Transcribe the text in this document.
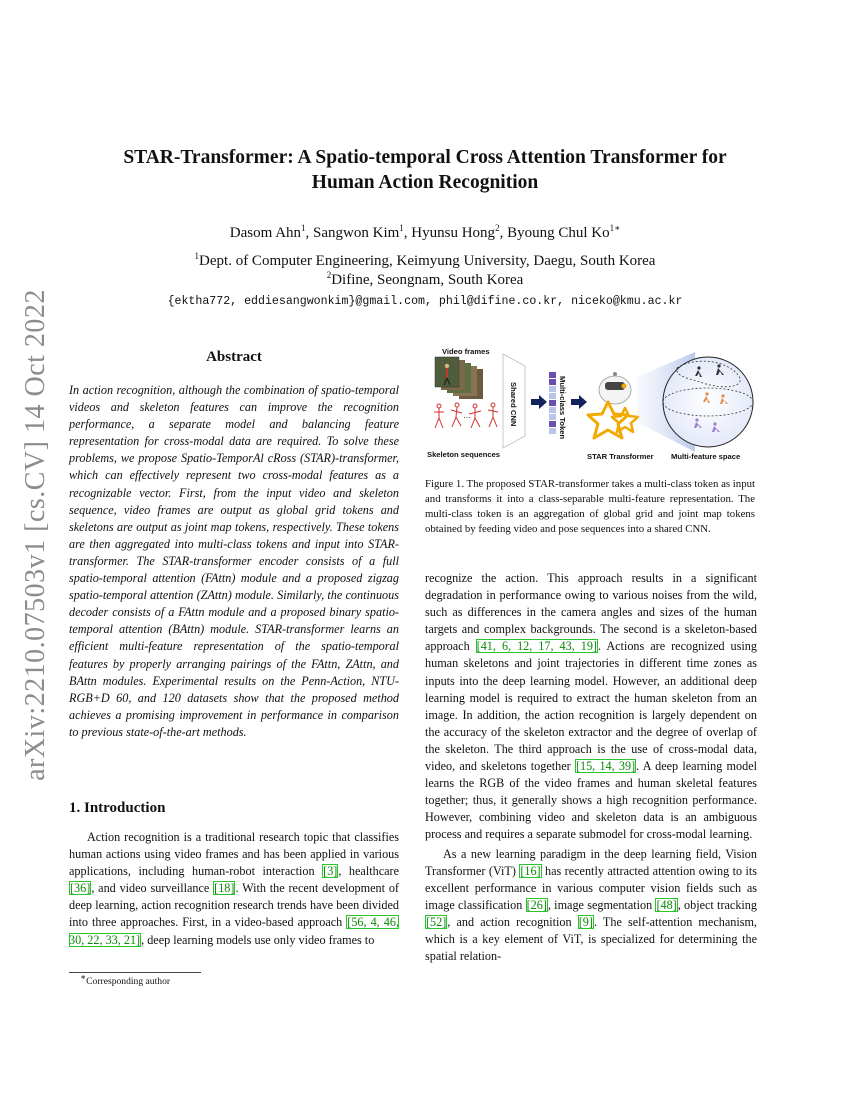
arXiv:2210.07503v1 [cs.CV] 14 Oct 2022
STAR-Transformer: A Spatio-temporal Cross Attention Transformer for
Human Action Recognition
Dasom Ahn$^1$, Sangwon Kim$^1$, Hyunsu Hong$^2$, Byoung Chul $Ko^{1∗}$
$^1$Dept. of Computer Engineering, Keimyung University, Daegu, South Korea
$^2$Difine, Seongnam, South Korea
{ektha772, eddiesangwonkim}@gmail.com, phil@difine.co.kr, niceko@kmu.ac.kr
Abstract
In action recognition, although the combination of spatio-temporal videos and skeleton features can improve the recognition performance, a separate model and balancing feature representation for cross-modal data are required. To solve these problems, we propose Spatio-TemporAl cRoss (STAR)-transformer, which can effectively represent two cross-modal features as a recognizable vector. First, from the input video and skeleton sequence, video frames are output as global grid tokens and skeletons are output as joint map tokens, respectively. These tokens are then aggregated into multi-class tokens and input into STAR-transformer. The STAR-transformer encoder consists of a full spatio-temporal attention (FAttn) module and a proposed zigzag spatio-temporal attention (ZAttn) module. Similarly, the continuous decoder consists of a FAttn module and a proposed binary spatio-temporal attention (BAttn) module. STAR-transformer learns an efficient multi-feature representation of the spatio-temporal features by properly arranging pairings of the FAttn, ZAttn, and BAttn modules. Experimental results on the Penn-Action, NTU-RGB+D 60, and 120 datasets show that the proposed method achieves a promising improvement in performance in comparison to previous state-of-the-art methods.
1. Introduction

Action recognition is a traditional research topic that classifies human actions using video frames and has been applied in various applications, including human-robot interaction [3], healthcare [36], and video surveillance [18]. With the recent development of deep learning, action recognition research trends have been divided into three approaches. First, in a video-based approach [56, 4, 46, 30, 22, 33, 21], deep learning models use only video frames to

∗Corresponding author
Video frames
…
Skeleton sequences
Shared CNN	Multi-class Token
STAR Transformer Multi-feature space
Figure 1. The proposed STAR-transformer takes a multi-class token as input and transforms it into a class-separable multi-feature representation. The multi-class token is an aggregation of global grid and joint map tokens obtained by feeding video and pose sequences into a shared CNN.

recognize the action. This approach results in a significant degradation in performance owing to various noises from the wild, such as differences in the camera angles and sizes of the human targets and complex backgrounds. The second is a skeleton-based approach [41, 6, 12, 17, 43, 19]. Actions are recognized using human skeletons and joint trajectories in different time zones as inputs into the deep learning model. However, an additional deep learning model is required to extract the human skeleton from an image. In addition, the action recognition is largely dependent on the accuracy of the skeleton extractor and the degree of overlap of the skeleton. The third approach is the use of cross-modal data, video, and skeletons together [15, 14, 39]. A deep learning model learns the RGB of the video frames and human skeletal features together; thus, it generally shows a high recognition performance. However, combining video and skeleton data is an ambiguous process and requires a separate submodel for cross-modal learning.

As a new learning paradigm in the deep learning field, Vision Transformer (ViT) [16] has recently attracted attention owing to its excellent performance in various computer vision fields such as image classification [26], image segmentation [48], object tracking [52], and action recognition [9]. The self-attention mechanism, which is a key element of ViT, is specialized for determining the spatial relation-
